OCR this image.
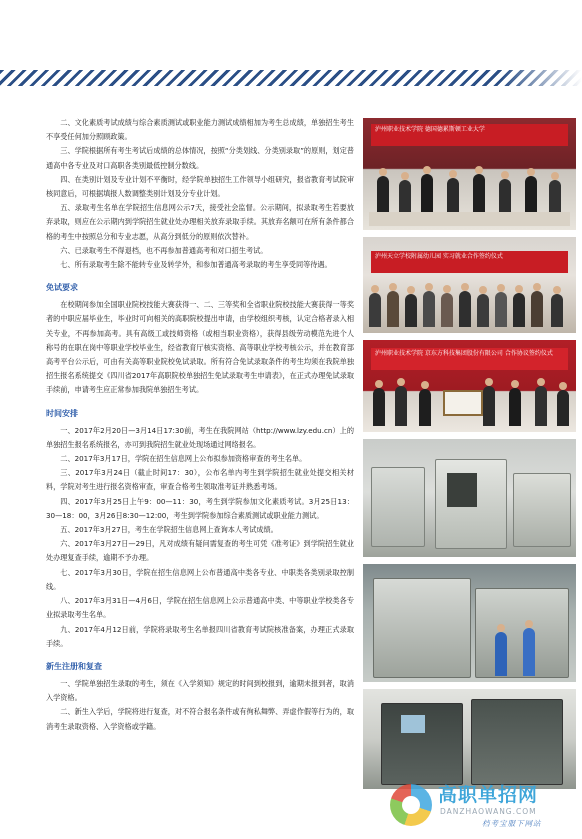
二、文化素质考试成绩与综合素质测试或职业能力测试成绩相加为考生总成绩，单独招生考生不享受任何加分照顾政策。

三、学院根据所有考生考试后成绩的总体情况，按照“分类划线、分类别录取”的原则，划定普通高中各专业及对口高职各类别最低控制分数线。

四、在类别计划及专业计划不平衡时，经学院单独招生工作领导小组研究，报省教育考试院审核同意后，可根据填报人数调整类别计划及分专业计划。

五、录取考生名单在学院招生信息网公示7天，接受社会监督。公示期间，拟录取考生若要放弃录取，则应在公示期内到学院招生就业处办理相关放弃录取手续。其放弃名额可在所有条件都合格的考生中按照总分和专业志愿，从高分到低分的原则依次替补。

六、已录取考生不得退档，也不再参加普通高考和对口招生考试。

七、所有录取考生除不能转专业及转学外，和参加普通高考录取的考生享受同等待遇。

免试要求

在校期间参加全国职业院校技能大赛获得一、二、三等奖和全省职业院校技能大赛获得一等奖者的中职应届毕业生，毕业时可向相关的高职院校提出申请，由学校组织考核，认定合格者录入相关专业，不再参加高考。具有高级工或技师资格（或相当职业资格），获得县级劳动模范先进个人称号的在职在岗中等职业学校毕业生，经省教育厅核实资格、高等职业学校考核公示，并在教育部高考平台公示后，可由有关高等职业院校免试录取。所有符合免试录取条件的考生均须在我院单独招生报名系统提交《四川省2017年高职院校单独招生免试录取考生申请表》，在正式办理免试录取手续前，申请考生应正常参加我院单独招生考试。

时间安排

一、2017年2月20日—3月14日17:30前，考生在我院网站（http://www.lzy.edu.cn）上的单独招生报名系统报名，亦可到我院招生就业处现场通过网络报名。

二、2017年3月17日，学院在招生信息网上公布拟参加资格审查的考生名单。

三、2017年3月24日（截止时间17：30），公布名单内考生到学院招生就业处提交相关材料，学院对考生进行报名资格审查，审查合格考生领取准考证并熟悉考场。

四、2017年3月25日上午9：00—11：30，考生到学院参加文化素质考试。3月25日13：30—18：00，3月26日8:30—12:00，考生到学院参加综合素质测试或职业能力测试。

五、2017年3月27日，考生在学院招生信息网上查询本人考试成绩。

六、2017年3月27日—29日，凡对成绩有疑问需复查的考生可凭《准考证》到学院招生就业处办理复查手续，逾期不予办理。

七、2017年3月30日，学院在招生信息网上公布普通高中类各专业、中职类各类别录取控制线。

八、2017年3月31日—4月6日，学院在招生信息网上公示普通高中类、中等职业学校类各专业拟录取考生名单。

九、2017年4月12日前，学院将录取考生名单报四川省教育考试院核准备案，办理正式录取手续。

新生注册和复查

一、学院单独招生录取的考生，须在《入学须知》规定的时间到校报到，逾期未报到者，取消入学资格。

二、新生入学后，学院将进行复查，对不符合报名条件或有徇私舞弊、弄虚作假等行为的，取消考生录取资格、入学资格或学籍。

泸州职业技术学院 德国德累斯顿工业大学
泸州天立学校附属幼儿园 实习就业合作签约仪式
泸州职业技术学院 京东方科技集团股份有限公司 合作协议签约仪式
高职单招网
DANZHAOWANG.COM
档考宝服下网站
